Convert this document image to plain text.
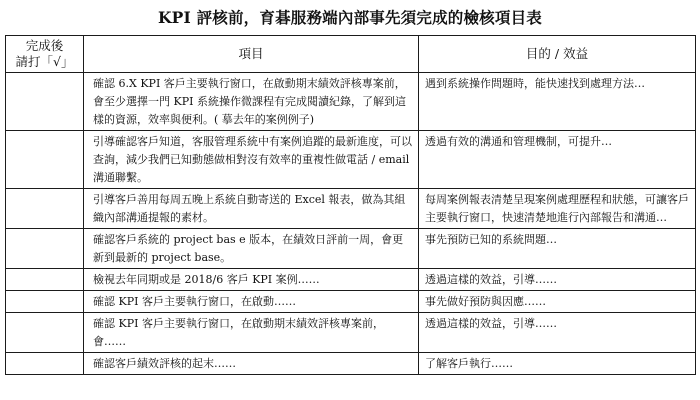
KPI 評核前，育碁服務端內部事先須完成的檢核項目表
完成後
請打「√」	項目	目的 / 效益
	確認 6.X KPI 客戶主要執行窗口，在啟動期末績效評核專案前，會至少選擇一門 KPI 系統操作微課程有完成閱讀紀錄，了解到這樣的資源，效率與便利。( 摹去年的案例例子)	遇到系統操作問題時，能快速找到處理方法…
	引導確認客戶知道，客服管理系統中有案例追蹤的最新進度，可以查詢，減少我們已知動態做相對沒有效率的重複性做電話 / email 溝通聯繫。	透過有效的溝通和管理機制，可提升…
	引導客戶善用每周五晚上系統自動寄送的 Excel 報表，做為其組織內部溝通提報的素材。	每周案例報表清楚呈現案例處理歷程和狀態，可讓客戶主要執行窗口，快速清楚地進行內部報告和溝通…
	確認客戶系統的 project bas e 版本，在績效日評前一周，會更新到最新的 project base。	事先預防已知的系統問題…
	檢視去年同期或是 2018/6 客戶 KPI 案例……	透過這樣的效益，引導……
	確認 KPI 客戶主要執行窗口，在啟動……	事先做好預防與因應……
	確認 KPI 客戶主要執行窗口，在啟動期末績效評核專案前，會……	透過這樣的效益，引導……
	確認客戶績效評核的起末……	了解客戶執行……
